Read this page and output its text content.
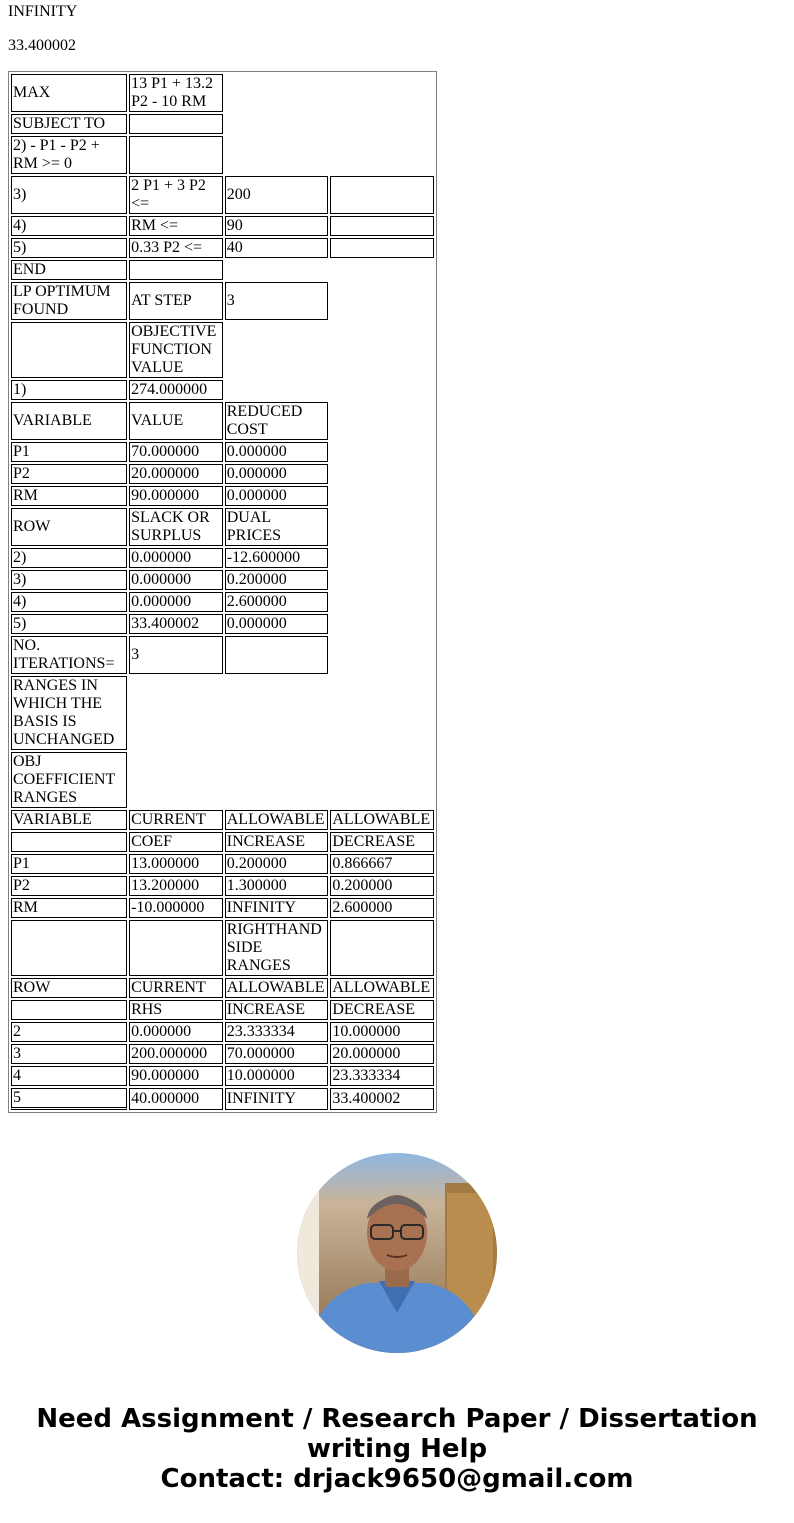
INFINITY
33.400002
MAX	13 P1 + 13.2 P2 - 10 RM		
SUBJECT TO			
2) - P1 - P2 + RM >= 0			
3)	2 P1 + 3 P2 <=	200	
4)	RM <=	90	
5)	0.33 P2 <=	40	
END			
LP OPTIMUM FOUND	AT STEP	3	
	OBJECTIVE FUNCTION VALUE		
1)	274.000000		
VARIABLE	VALUE	REDUCED COST	
P1	70.000000	0.000000	
P2	20.000000	0.000000	
RM	90.000000	0.000000	
ROW	SLACK OR SURPLUS	DUAL PRICES	
2)	0.000000	-12.600000	
3)	0.000000	0.200000	
4)	0.000000	2.600000	
5)	33.400002	0.000000	
NO. ITERATIONS=	3		
RANGES IN WHICH THE BASIS IS UNCHANGED			
OBJ COEFFICIENT RANGES			
VARIABLE	CURRENT	ALLOWABLE	ALLOWABLE
	COEF	INCREASE	DECREASE
P1	13.000000	0.200000	0.866667
P2	13.200000	1.300000	0.200000
RM	-10.000000	INFINITY	2.600000
		RIGHTHAND SIDE RANGES	
ROW	CURRENT	ALLOWABLE	ALLOWABLE
	RHS	INCREASE	DECREASE
2	0.000000	23.333334	10.000000
3	200.000000	70.000000	20.000000
4	90.000000	10.000000	23.333334
5	40.000000	INFINITY	33.400002
Need Assignment / Research Paper / Dissertation
writing Help
Contact: drjack9650@gmail.com
